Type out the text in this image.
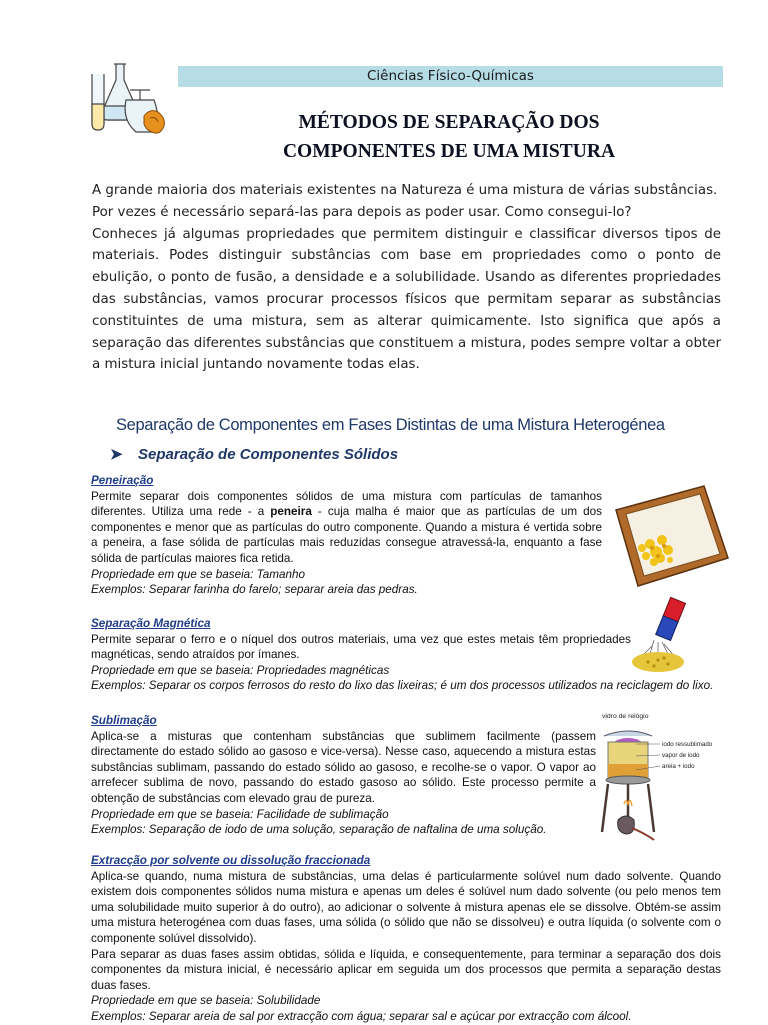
Ciências Físico-Químicas
MÉTODOS DE SEPARAÇÃO DOS
COMPONENTES DE UMA MISTURA

A grande maioria dos materiais existentes na Natureza é uma mistura de várias substâncias.

Por vezes é necessário separá-las para depois as poder usar. Como consegui-lo?

Conheces já algumas propriedades que permitem distinguir e classificar diversos tipos de materiais. Podes distinguir substâncias com base em propriedades como o ponto de ebulição, o ponto de fusão, a densidade e a solubilidade. Usando as diferentes propriedades das substâncias, vamos procurar processos físicos que permitam separar as substâncias constituintes de uma mistura, sem as alterar quimicamente. Isto significa que após a separação das diferentes substâncias que constituem a mistura, podes sempre voltar a obter a mistura inicial juntando novamente todas elas.

Separação de Componentes em Fases Distintas de uma Mistura Heterogénea
➤ Separação de Componentes Sólidos

Peneiração

Permite separar dois componentes sólidos de uma mistura com partículas de tamanhos diferentes. Utiliza uma rede - a peneira - cuja malha é maior que as partículas de um dos componentes e menor que as partículas do outro componente. Quando a mistura é vertida sobre a peneira, a fase sólida de partículas mais reduzidas consegue atravessá-la, enquanto a fase sólida de partículas maiores fica retida.

Propriedade em que se baseia: Tamanho

Exemplos: Separar farinha do farelo; separar areia das pedras.

Separação Magnética

Permite separar o ferro e o níquel dos outros materiais, uma vez que estes metais têm propriedades magnéticas, sendo atraídos por ímanes.

Propriedade em que se baseia: Propriedades magnéticas

Exemplos: Separar os corpos ferrosos do resto do lixo das lixeiras; é um dos processos utilizados na reciclagem do lixo.

Sublimação

Aplica-se a misturas que contenham substâncias que sublimem facilmente (passem directamente do estado sólido ao gasoso e vice-versa). Nesse caso, aquecendo a mistura estas substâncias sublimam, passando do estado sólido ao gasoso, e recolhe-se o vapor. O vapor ao arrefecer sublima de novo, passando do estado gasoso ao sólido. Este processo permite a obtenção de substâncias com elevado grau de pureza.

Propriedade em que se baseia: Facilidade de sublimação

Exemplos: Separação de iodo de uma solução, separação de naftalina de uma solução.

vidro de relógio
iodo ressublimado
vapor de iodo
areia + iodo

Extracção por solvente ou dissolução fraccionada

Aplica-se quando, numa mistura de substâncias, uma delas é particularmente solúvel num dado solvente. Quando existem dois componentes sólidos numa mistura e apenas um deles é solúvel num dado solvente (ou pelo menos tem uma solubilidade muito superior à do outro), ao adicionar o solvente à mistura apenas ele se dissolve. Obtém-se assim uma mistura heterogénea com duas fases, uma sólida (o sólido que não se dissolveu) e outra líquida (o solvente com o componente solúvel dissolvido).

Para separar as duas fases assim obtidas, sólida e líquida, e consequentemente, para terminar a separação dos dois componentes da mistura inicial, é necessário aplicar em seguida um dos processos que permita a separação destas duas fases.

Propriedade em que se baseia: Solubilidade

Exemplos: Separar areia de sal por extracção com água; separar sal e açúcar por extracção com álcool.
